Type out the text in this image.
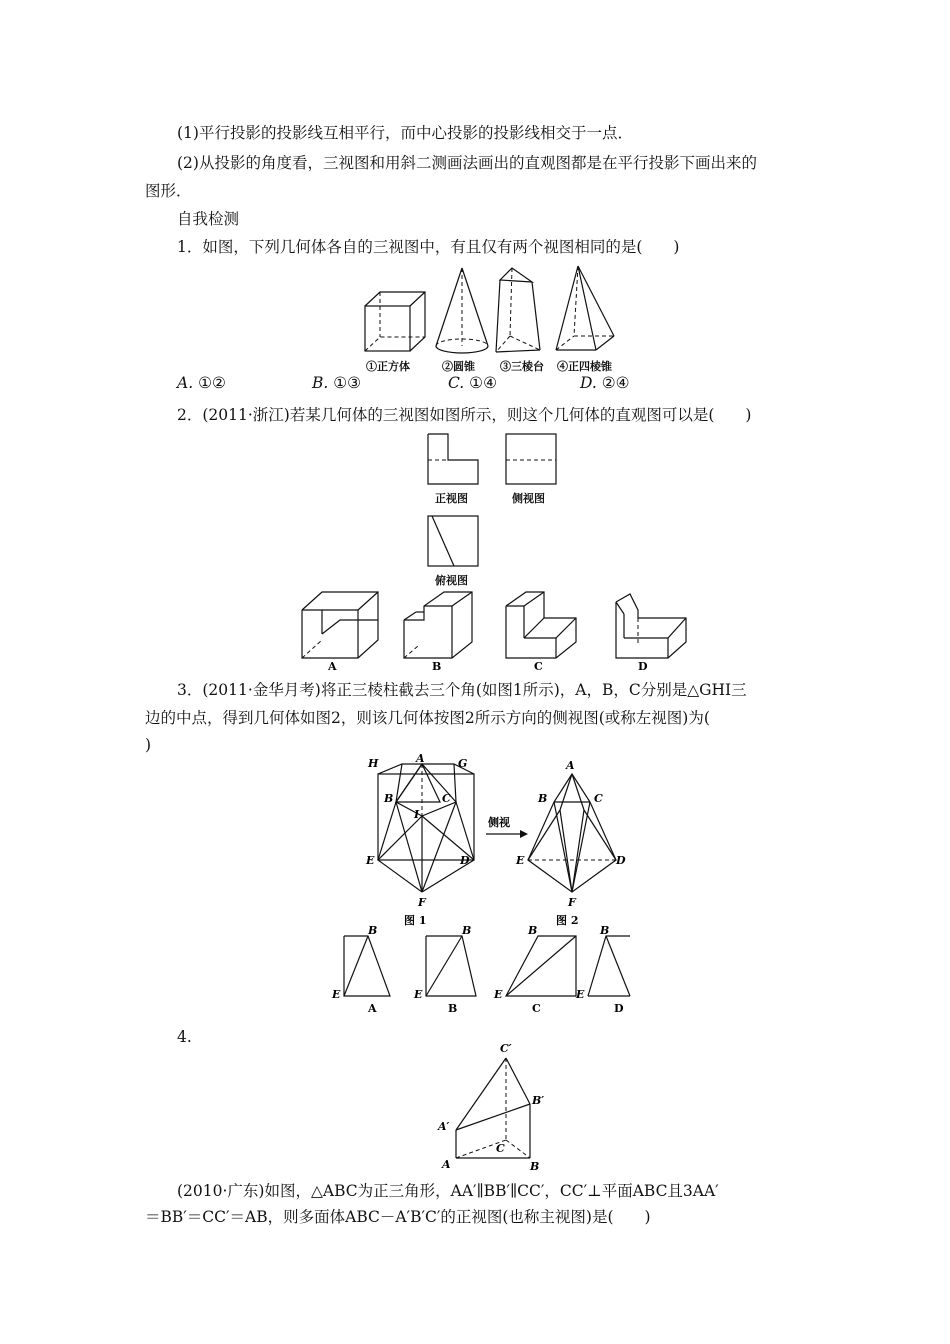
(1)平行投影的投影线互相平行，而中心投影的投影线相交于一点．
(2)从投影的角度看，三视图和用斜二测画法画出的直观图都是在平行投影下画出来的
图形．
自我检测
1．如图，下列几何体各自的三视图中，有且仅有两个视图相同的是(　　)
①正方体	②圆锥 ③三棱台 ④正四棱锥
A. ①②	B. ①③	C. ①④	D. ②④
2．(2011·浙江)若某几何体的三视图如图所示，则这个几何体的直观图可以是(　　)
正视图	侧视图
俯视图
A	B	C	D
3．(2011·金华月考)将正三棱柱截去三个角(如图1所示)，A，B，C分别是△GHI三
边的中点，得到几何体如图2，则该几何体按图2所示方向的侧视图(或称左视图)为(
)
H	A	G
B	C
I
E	D
F
A
B	C
E	D
F
侧视
图 1	图 2
B
E
B
E
B
E
B
E
A	B	C	D
4.
C′
B′
A′
C
A	B
(2010·广东)如图，△ABC为正三角形，AA′∥BB′∥CC′，CC′⊥平面ABC且3AA′
＝BB′＝CC′＝AB，则多面体ABC－A′B′C′的正视图(也称主视图)是(　　)
